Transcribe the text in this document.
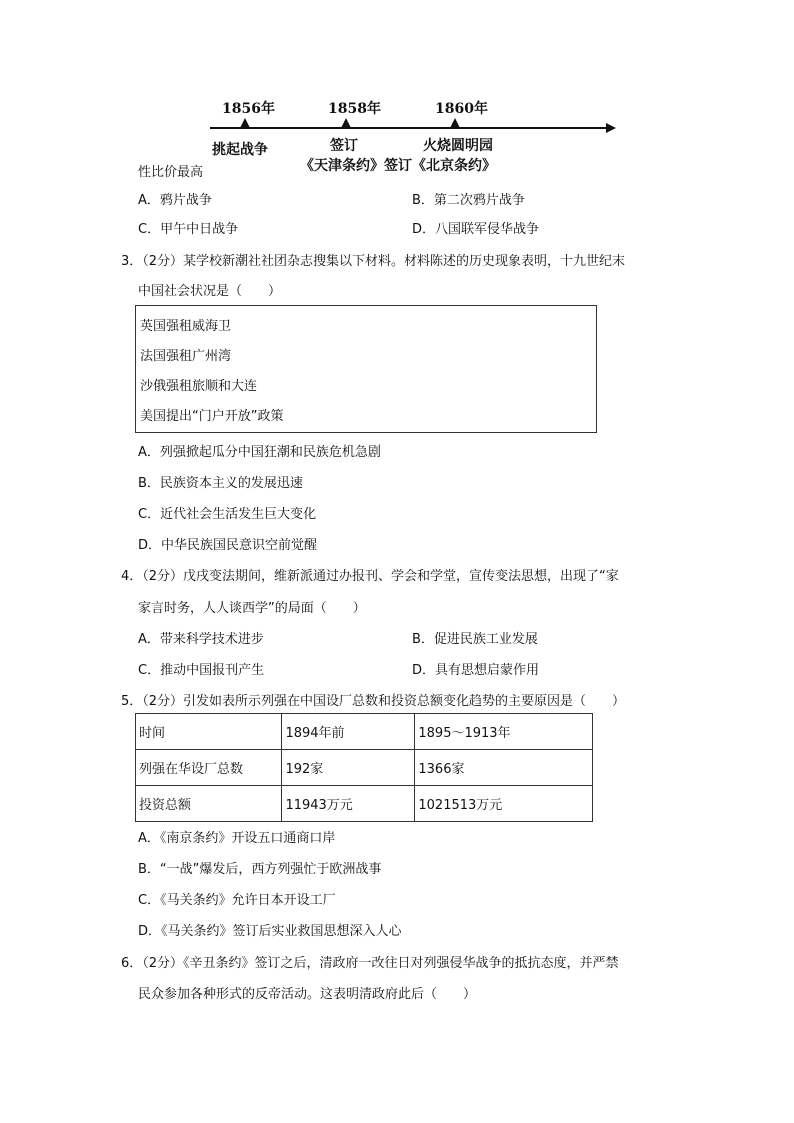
1856年	1858年	1860年
挑起战争	签订	火烧圆明园
《天津条约》签订《北京条约》
性比价最高
A．鸦片战争	B．第二次鸦片战争
C．甲午中日战争	D．八国联军侵华战争
3．（2分）某学校新潮社社团杂志搜集以下材料。材料陈述的历史现象表明，十九世纪末
中国社会状况是（　　）
英国强租威海卫
法国强租广州湾
沙俄强租旅顺和大连
美国提出“门户开放”政策
A．列强掀起瓜分中国狂潮和民族危机急剧
B．民族资本主义的发展迅速
C．近代社会生活发生巨大变化
D．中华民族国民意识空前觉醒
4．（2分）戊戌变法期间，维新派通过办报刊、学会和学堂，宣传变法思想，出现了“家
家言时务，人人谈西学”的局面（　　）
A．带来科学技术进步	B．促进民族工业发展
C．推动中国报刊产生	D．具有思想启蒙作用
5．（2分）引发如表所示列强在中国设厂总数和投资总额变化趋势的主要原因是（　　）
时间	1894年前	1895～1913年
列强在华设厂总数	192家	1366家
投资总额	11943万元	1021513万元
A．《南京条约》开设五口通商口岸
B．“一战”爆发后，西方列强忙于欧洲战事
C．《马关条约》允许日本开设工厂
D．《马关条约》签订后实业救国思想深入人心
6．（2分）《辛丑条约》签订之后，清政府一改往日对列强侵华战争的抵抗态度，并严禁
民众参加各种形式的反帝活动。这表明清政府此后（　　）
